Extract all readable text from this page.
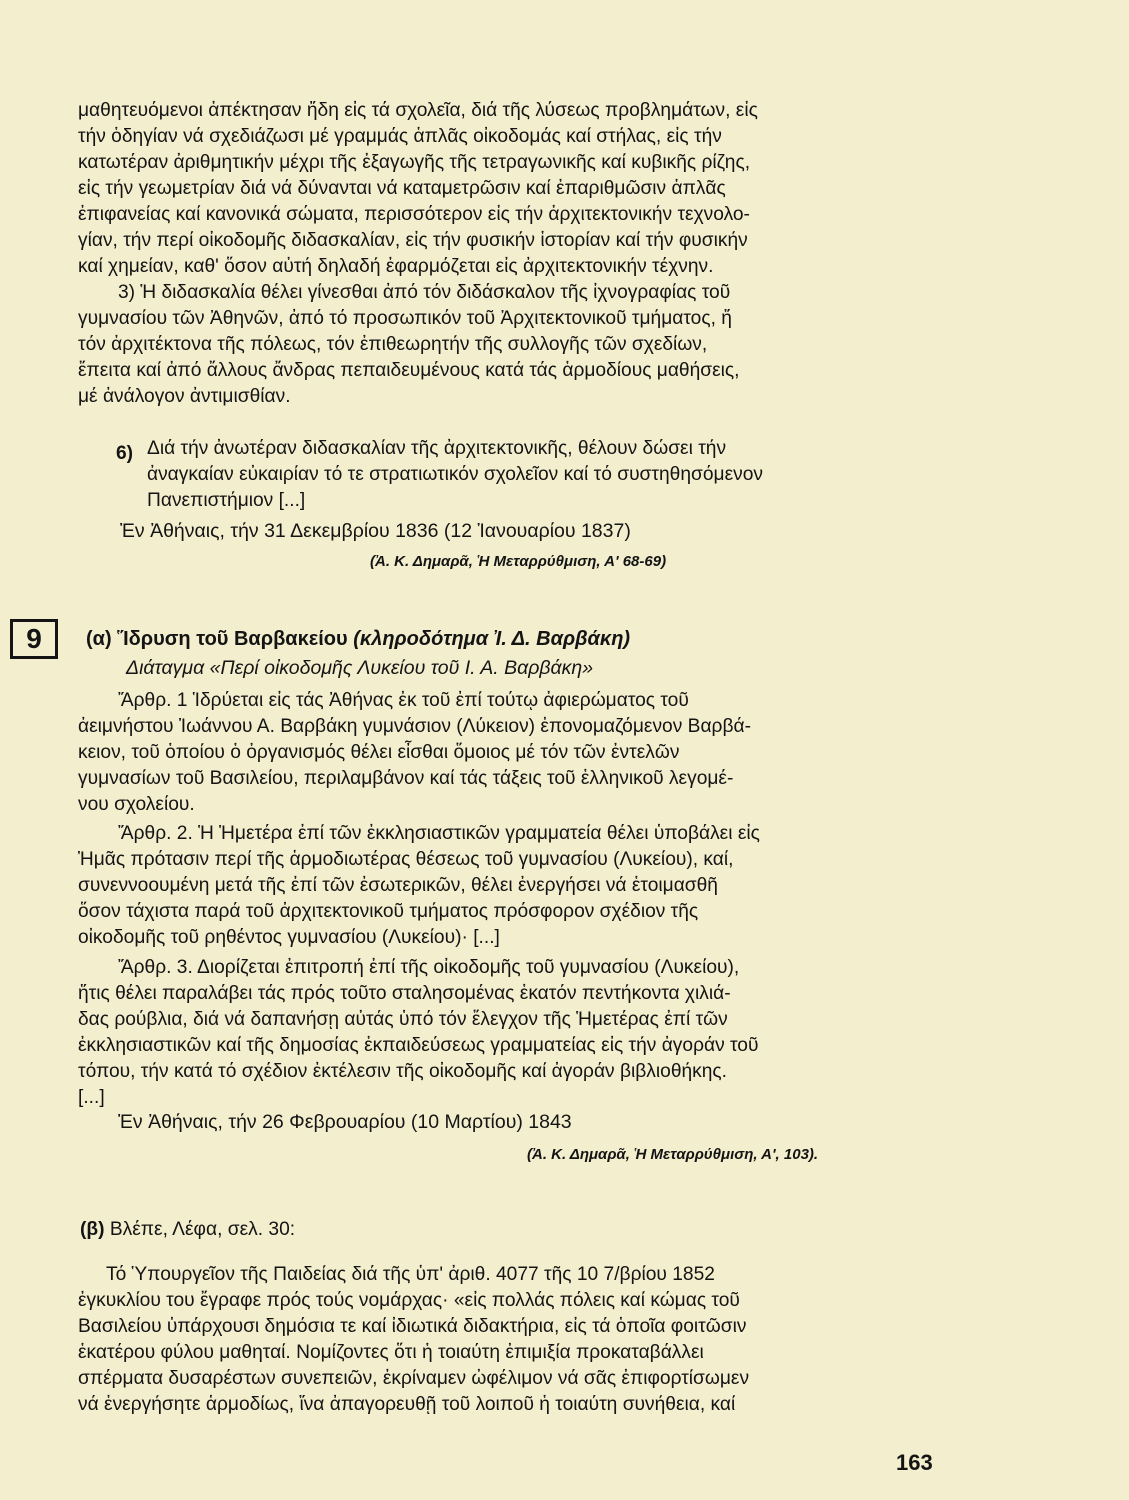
μαθητευόμενοι ἀπέκτησαν ἤδη εἰς τά σχολεῖα, διά τῆς λύσεως προβλημάτων, εἰς
τήν ὁδηγίαν νά σχεδιάζωσι μέ γραμμάς ἁπλᾶς οἰκοδομάς καί στήλας, εἰς τήν
κατωτέραν ἀριθμητικήν μέχρι τῆς ἐξαγωγῆς τῆς τετραγωνικῆς καί κυβικῆς ρίζης,
εἰς τήν γεωμετρίαν διά νά δύνανται νά καταμετρῶσιν καί ἐπαριθμῶσιν ἁπλᾶς
ἐπιφανείας καί κανονικά σώματα, περισσότερον εἰς τήν ἀρχιτεκτονικήν τεχνολο-
γίαν, τήν περί οἰκοδομῆς διδασκαλίαν, εἰς τήν φυσικήν ἱστορίαν καί τήν φυσικήν
καί χημείαν, καθ' ὅσον αὐτή δηλαδή ἐφαρμόζεται εἰς ἀρχιτεκτονικήν τέχνην.
3) Ἡ διδασκαλία θέλει γίνεσθαι ἀπό τόν διδάσκαλον τῆς ἰχνογραφίας τοῦ
γυμνασίου τῶν Ἀθηνῶν, ἀπό τό προσωπικόν τοῦ Ἀρχιτεκτονικοῦ τμήματος, ἤ
τόν ἀρχιτέκτονα τῆς πόλεως, τόν ἐπιθεωρητήν τῆς συλλογῆς τῶν σχεδίων,
ἔπειτα καί ἀπό ἄλλους ἄνδρας πεπαιδευμένους κατά τάς ἁρμοδίους μαθήσεις,
μέ ἀνάλογον ἀντιμισθίαν.
6) Διά τήν ἀνωτέραν διδασκαλίαν τῆς ἀρχιτεκτονικῆς, θέλουν δώσει τήν
ἀναγκαίαν εὐκαιρίαν τό τε στρατιωτικόν σχολεῖον καί τό συστηθησόμενον
Πανεπιστήμιον [...]
Ἐν Ἀθήναις, τήν 31 Δεκεμβρίου 1836 (12 Ἰανουαρίου 1837)
(Ἀ. Κ. Δημαρᾶ, Ἡ Μεταρρύθμιση, Α' 68-69)
9	(α) Ἵδρυση τοῦ Βαρβακείου (κληροδότημα Ἰ. Δ. Βαρβάκη)
Διάταγμα «Περί οἰκοδομῆς Λυκείου τοῦ Ι. Α. Βαρβάκη»
Ἄρθρ. 1 Ἱδρύεται εἰς τάς Ἀθήνας ἐκ τοῦ ἐπί τούτῳ ἀφιερώματος τοῦ
ἀειμνήστου Ἰωάννου Α. Βαρβάκη γυμνάσιον (Λύκειον) ἐπονομαζόμενον Βαρβά-
κειον, τοῦ ὁποίου ὁ ὀργανισμός θέλει εἶσθαι ὅμοιος μέ τόν τῶν ἐντελῶν
γυμνασίων τοῦ Βασιλείου, περιλαμβάνον καί τάς τάξεις τοῦ ἑλληνικοῦ λεγομέ-
νου σχολείου.
Ἄρθρ. 2. Ἡ Ἡμετέρα ἐπί τῶν ἐκκλησιαστικῶν γραμματεία θέλει ὑποβάλει εἰς
Ἡμᾶς πρότασιν περί τῆς ἁρμοδιωτέρας θέσεως τοῦ γυμνασίου (Λυκείου), καί,
συνεννοουμένη μετά τῆς ἐπί τῶν ἐσωτερικῶν, θέλει ἐνεργήσει νά ἑτοιμασθῆ
ὅσον τάχιστα παρά τοῦ ἀρχιτεκτονικοῦ τμήματος πρόσφορον σχέδιον τῆς
οἰκοδομῆς τοῦ ρηθέντος γυμνασίου (Λυκείου)· [...]
Ἄρθρ. 3. Διορίζεται ἐπιτροπή ἐπί τῆς οἰκοδομῆς τοῦ γυμνασίου (Λυκείου),
ἥτις θέλει παραλάβει τάς πρός τοῦτο σταλησομένας ἑκατόν πεντήκοντα χιλιά-
δας ρούβλια, διά νά δαπανήσῃ αὐτάς ὑπό τόν ἔλεγχον τῆς Ἡμετέρας ἐπί τῶν
ἐκκλησιαστικῶν καί τῆς δημοσίας ἐκπαιδεύσεως γραμματείας εἰς τήν ἀγοράν τοῦ
τόπου, τήν κατά τό σχέδιον ἐκτέλεσιν τῆς οἰκοδομῆς καί ἀγοράν βιβλιοθήκης.
[...]
Ἐν Ἀθήναις, τήν 26 Φεβρουαρίου (10 Μαρτίου) 1843
(Ἀ. Κ. Δημαρᾶ, Ἡ Μεταρρύθμιση, Α', 103).
(β) Βλέπε, Λέφα, σελ. 30:
Τό Ὑπουργεῖον τῆς Παιδείας διά τῆς ὑπ' ἀριθ. 4077 τῆς 10 7/βρίου 1852
ἐγκυκλίου του ἔγραφε πρός τούς νομάρχας· «εἰς πολλάς πόλεις καί κώμας τοῦ
Βασιλείου ὑπάρχουσι δημόσια τε καί ἰδιωτικά διδακτήρια, εἰς τά ὁποῖα φοιτῶσιν
ἑκατέρου φύλου μαθηταί. Νομίζοντες ὅτι ἡ τοιαύτη ἐπιμιξία προκαταβάλλει
σπέρματα δυσαρέστων συνεπειῶν, ἐκρίναμεν ὠφέλιμον νά σᾶς ἐπιφορτίσωμεν
νά ἐνεργήσητε ἁρμοδίως, ἵνα ἀπαγορευθῇ τοῦ λοιποῦ ἡ τοιαύτη συνήθεια, καί
163
